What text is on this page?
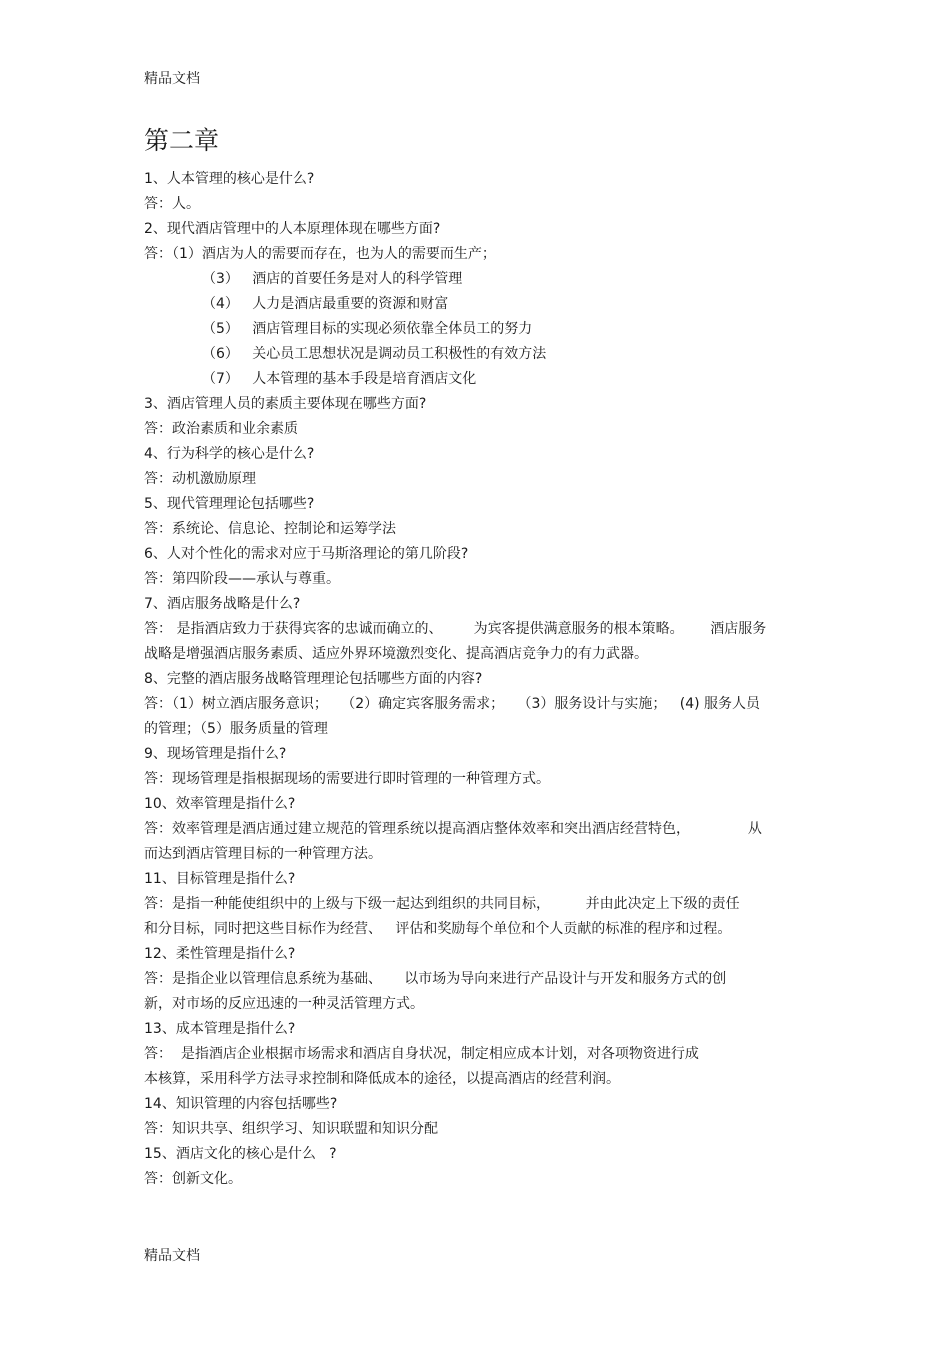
精品文档
第二章
1、人本管理的核心是什么?
答：人。
2、现代酒店管理中的人本原理体现在哪些方面?
答：（1）酒店为人的需要而存在，也为人的需要而生产；
（3）   酒店的首要任务是对人的科学管理
（4）   人力是酒店最重要的资源和财富
（5）   酒店管理目标的实现必须依靠全体员工的努力
（6）   关心员工思想状况是调动员工积极性的有效方法
（7）   人本管理的基本手段是培育酒店文化
3、酒店管理人员的素质主要体现在哪些方面?
答：政治素质和业余素质
4、行为科学的核心是什么?
答：动机激励原理
5、现代管理理论包括哪些?
答：系统论、信息论、控制论和运筹学法
6、人对个性化的需求对应于马斯洛理论的第几阶段?
答：第四阶段——承认与尊重。
7、酒店服务战略是什么?
答： 是指酒店致力于获得宾客的忠诚而确立的、       为宾客提供满意服务的根本策略。      酒店服务
战略是增强酒店服务素质、适应外界环境激烈变化、提高酒店竞争力的有力武器。
8、完整的酒店服务战略管理理论包括哪些方面的内容?
答：（1）树立酒店服务意识；   （2）确定宾客服务需求；   （3）服务设计与实施；   (4) 服务人员
的管理；（5）服务质量的管理
9、现场管理是指什么?
答：现场管理是指根据现场的需要进行即时管理的一种管理方式。
10、效率管理是指什么?
答：效率管理是酒店通过建立规范的管理系统以提高酒店整体效率和突出酒店经营特色，             从
而达到酒店管理目标的一种管理方法。
11、目标管理是指什么?
答：是指一种能使组织中的上级与下级一起达到组织的共同目标，        并由此决定上下级的责任
和分目标，同时把这些目标作为经营、   评估和奖励每个单位和个人贡献的标准的程序和过程。
12、柔性管理是指什么?
答：是指企业以管理信息系统为基础、     以市场为导向来进行产品设计与开发和服务方式的创
新，对市场的反应迅速的一种灵活管理方式。
13、成本管理是指什么?
答：  是指酒店企业根据市场需求和酒店自身状况，制定相应成本计划，对各项物资进行成
本核算，采用科学方法寻求控制和降低成本的途径，以提高酒店的经营利润。
14、知识管理的内容包括哪些?
答：知识共享、组织学习、知识联盟和知识分配
15、酒店文化的核心是什么   ?
答：创新文化。
精品文档
